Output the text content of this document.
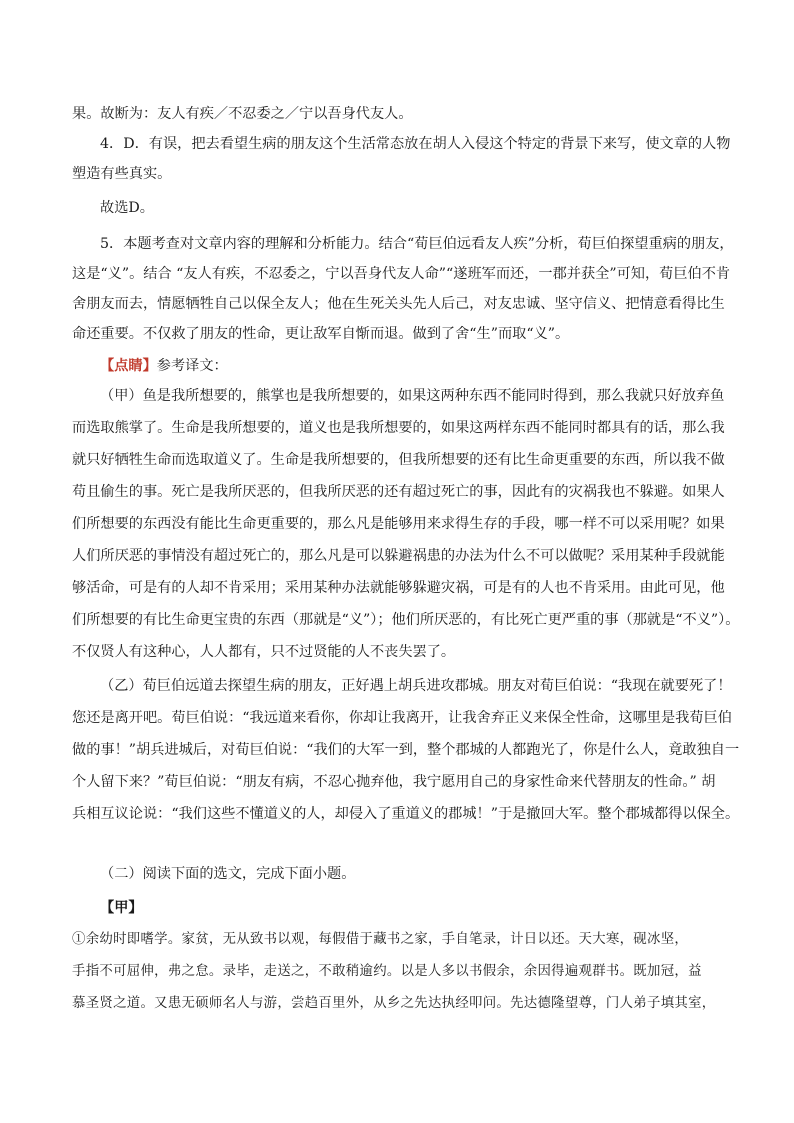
果。故断为：友人有疾／不忍委之／宁以吾身代友人。
4．D．有误，把去看望生病的朋友这个生活常态放在胡人入侵这个特定的背景下来写，使文章的人物
塑造有些真实。
故选D。
5．本题考查对文章内容的理解和分析能力。结合“荀巨伯远看友人疾”分析，荀巨伯探望重病的朋友，
这是“义”。结合 “友人有疾，不忍委之，宁以吾身代友人命”“遂班军而还，一郡并获全”可知，荀巨伯不肯
舍朋友而去，情愿牺牲自己以保全友人；他在生死关头先人后己，对友忠诚、坚守信义、把情意看得比生
命还重要。不仅救了朋友的性命，更让敌军自惭而退。做到了舍“生”而取“义”。
【点睛】参考译文：
（甲）鱼是我所想要的，熊掌也是我所想要的，如果这两种东西不能同时得到，那么我就只好放弃鱼
而选取熊掌了。生命是我所想要的，道义也是我所想要的，如果这两样东西不能同时都具有的话，那么我
就只好牺牲生命而选取道义了。生命是我所想要的，但我所想要的还有比生命更重要的东西，所以我不做
苟且偷生的事。死亡是我所厌恶的，但我所厌恶的还有超过死亡的事，因此有的灾祸我也不躲避。如果人
们所想要的东西没有能比生命更重要的，那么凡是能够用来求得生存的手段，哪一样不可以采用呢？如果
人们所厌恶的事情没有超过死亡的，那么凡是可以躲避祸患的办法为什么不可以做呢？采用某种手段就能
够活命，可是有的人却不肯采用；采用某种办法就能够躲避灾祸，可是有的人也不肯采用。由此可见，他
们所想要的有比生命更宝贵的东西（那就是“义”）；他们所厌恶的，有比死亡更严重的事（那就是“不义”）。
不仅贤人有这种心，人人都有，只不过贤能的人不丧失罢了。
（乙）荀巨伯远道去探望生病的朋友，正好遇上胡兵进攻郡城。朋友对荀巨伯说：“我现在就要死了！
您还是离开吧。荀巨伯说：“我远道来看你，你却让我离开，让我舍弃正义来保全性命，这哪里是我荀巨伯
做的事！”胡兵进城后，对荀巨伯说：“我们的大军一到，整个郡城的人都跑光了，你是什么人，竟敢独自一
个人留下来？”荀巨伯说：“朋友有病，不忍心抛弃他，我宁愿用自己的身家性命来代替朋友的性命。” 胡
兵相互议论说：“我们这些不懂道义的人，却侵入了重道义的郡城！”于是撤回大军。整个郡城都得以保全。
（二）阅读下面的选文，完成下面小题。
【甲】
①余幼时即嗜学。家贫，无从致书以观，每假借于藏书之家，手自笔录，计日以还。天大寒，砚冰坚，
手指不可屈伸，弗之怠。录毕，走送之，不敢稍逾约。以是人多以书假余，余因得遍观群书。既加冠，益
慕圣贤之道。又患无硕师名人与游，尝趋百里外，从乡之先达执经叩问。先达德隆望尊，门人弟子填其室，
